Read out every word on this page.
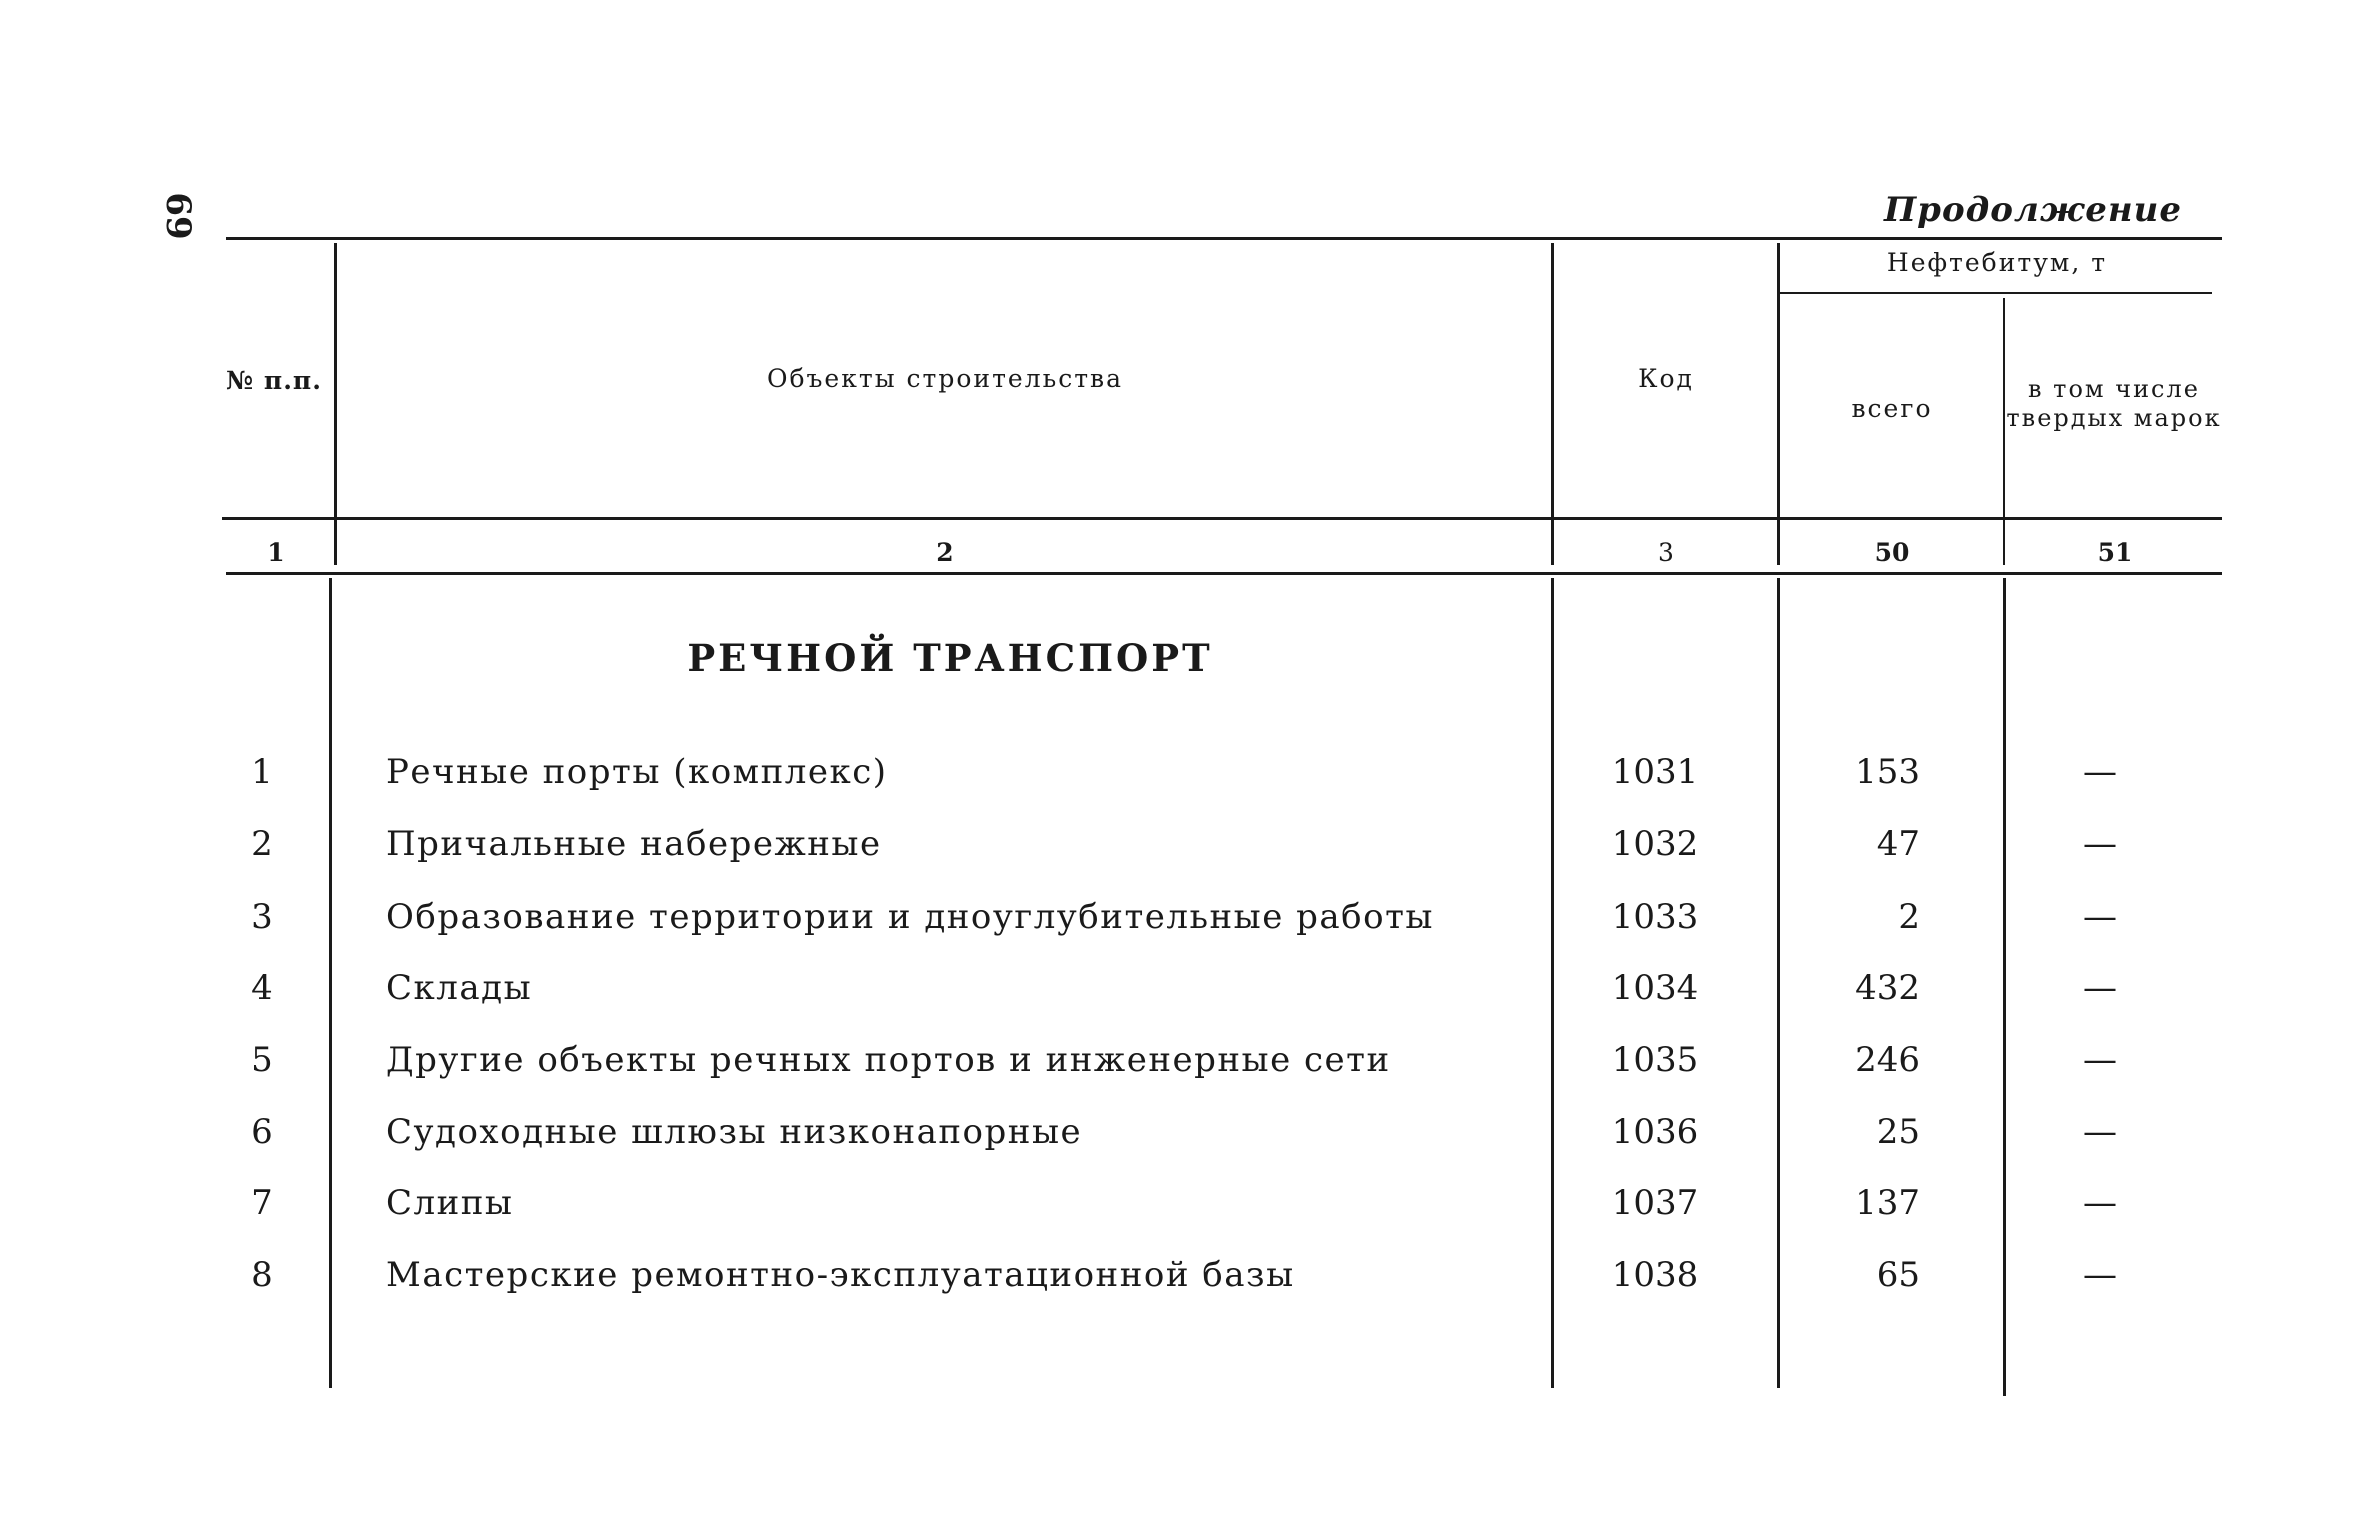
69	Продолжение
№ п.п.	Объекты строительства	Код
Нефтебитум, т
всего
в том числе
твердых марок
1	2	3	50	51
РЕЧНОЙ ТРАНСПОРТ
1	Речные порты (комплекс)	1031	153	—
2	Причальные набережные	1032	47	—
3	Образование территории и дноуглубительные работы	1033	2	—
4	Склады	1034	432	—
5	Другие объекты речных портов и инженерные сети	1035	246	—
6	Судоходные шлюзы низконапорные	1036	25	—
7	Слипы	1037	137	—
8	Мастерские ремонтно-эксплуатационной базы	1038	65	—
